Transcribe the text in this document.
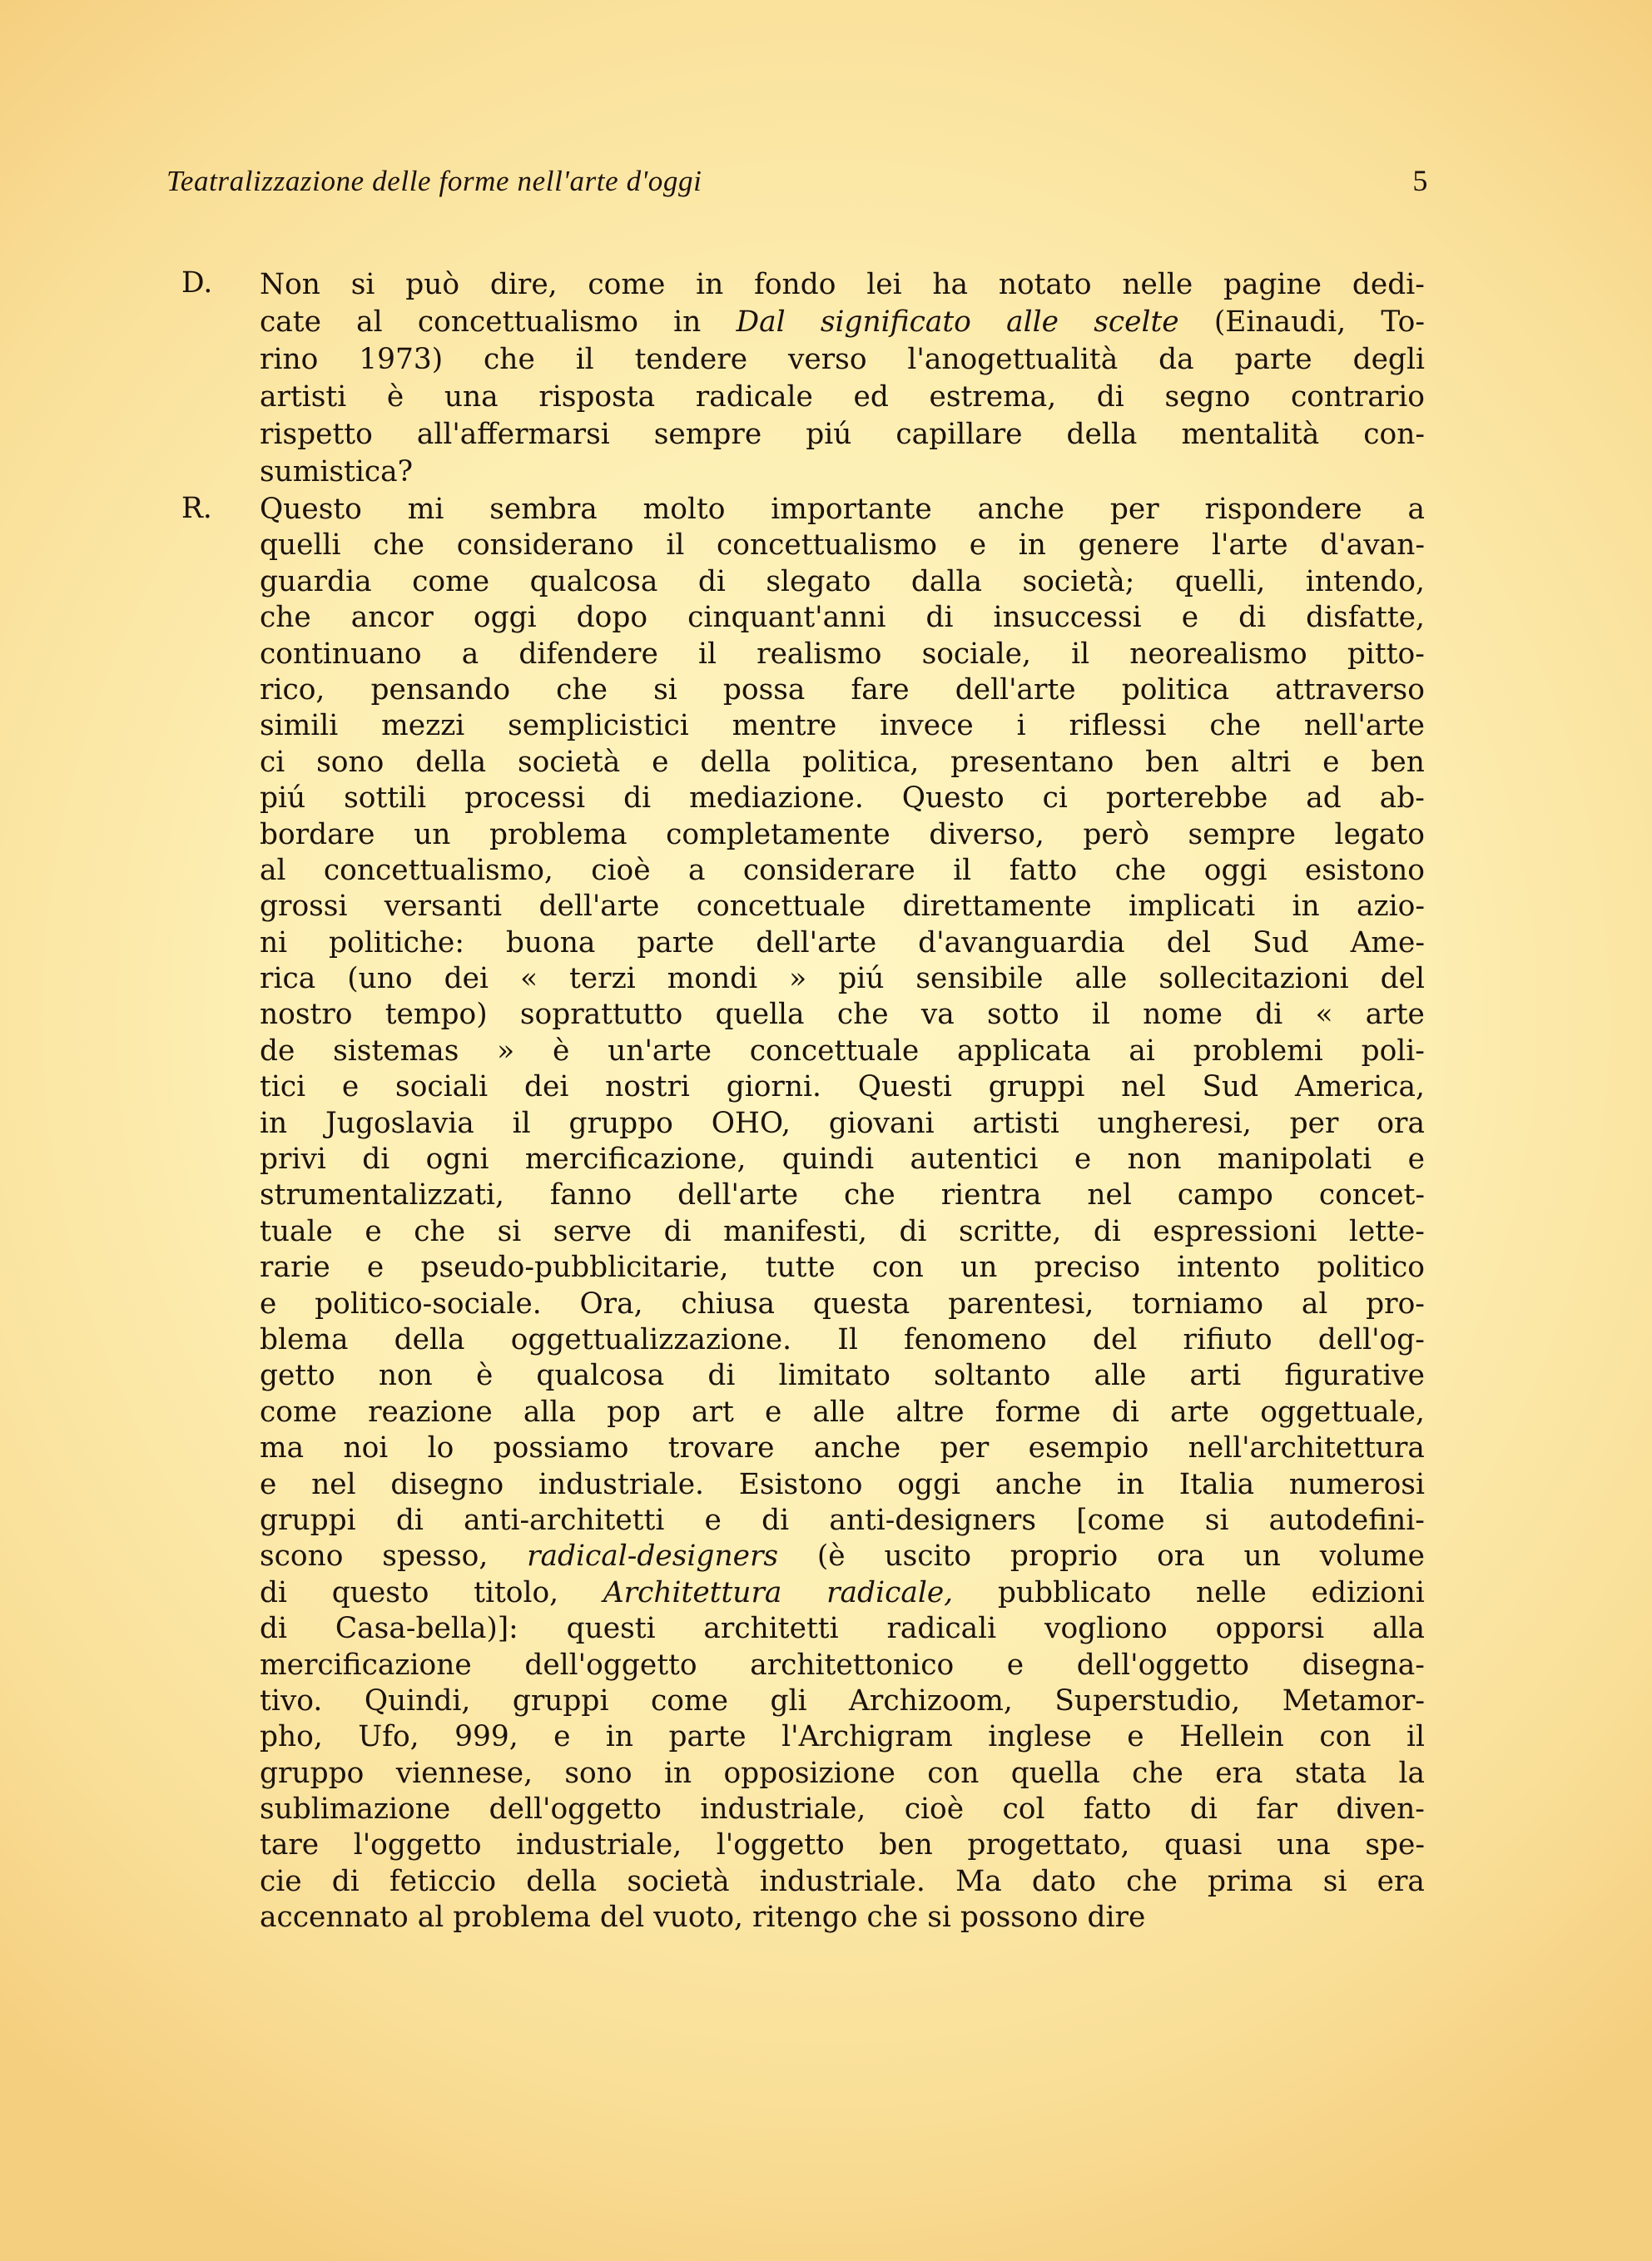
Teatralizzazione delle forme nell'arte d'oggi	5
D. Non si può dire, come in fondo lei ha notato nelle pagine dedi-
cate al concettualismo in Dal significato alle scelte (Einaudi, To-
rino 1973) che il tendere verso l'anogettualità da parte degli
artisti è una risposta radicale ed estrema, di segno contrario
rispetto all'affermarsi sempre piú capillare della mentalità con-
sumistica?
R. Questo mi sembra molto importante anche per rispondere a
quelli che considerano il concettualismo e in genere l'arte d'avan-
guardia come qualcosa di slegato dalla società; quelli, intendo,
che ancor oggi dopo cinquant'anni di insuccessi e di disfatte,
continuano a difendere il realismo sociale, il neorealismo pitto-
rico, pensando che si possa fare dell'arte politica attraverso
simili mezzi semplicistici mentre invece i riflessi che nell'arte
ci sono della società e della politica, presentano ben altri e ben
piú sottili processi di mediazione. Questo ci porterebbe ad ab-
bordare un problema completamente diverso, però sempre legato
al concettualismo, cioè a considerare il fatto che oggi esistono
grossi versanti dell'arte concettuale direttamente implicati in azio-
ni politiche: buona parte dell'arte d'avanguardia del Sud Ame-
rica (uno dei « terzi mondi » piú sensibile alle sollecitazioni del
nostro tempo) soprattutto quella che va sotto il nome di « arte
de sistemas » è un'arte concettuale applicata ai problemi poli-
tici e sociali dei nostri giorni. Questi gruppi nel Sud America,
in Jugoslavia il gruppo OHO, giovani artisti ungheresi, per ora
privi di ogni mercificazione, quindi autentici e non manipolati e
strumentalizzati, fanno dell'arte che rientra nel campo concet-
tuale e che si serve di manifesti, di scritte, di espressioni lette-
rarie e pseudo-pubblicitarie, tutte con un preciso intento politico
e politico-sociale. Ora, chiusa questa parentesi, torniamo al pro-
blema della oggettualizzazione. Il fenomeno del rifiuto dell'og-
getto non è qualcosa di limitato soltanto alle arti figurative
come reazione alla pop art e alle altre forme di arte oggettuale,
ma noi lo possiamo trovare anche per esempio nell'architettura
e nel disegno industriale. Esistono oggi anche in Italia numerosi
gruppi di anti-architetti e di anti-designers [come si autodefini-
scono spesso, radical-designers (è uscito proprio ora un volume
di questo titolo, Architettura radicale, pubblicato nelle edizioni
di Casa-bella)]: questi architetti radicali vogliono opporsi alla
mercificazione dell'oggetto architettonico e dell'oggetto disegna-
tivo. Quindi, gruppi come gli Archizoom, Superstudio, Metamor-
pho, Ufo, 999, e in parte l'Archigram inglese e Hellein con il
gruppo viennese, sono in opposizione con quella che era stata la
sublimazione dell'oggetto industriale, cioè col fatto di far diven-
tare l'oggetto industriale, l'oggetto ben progettato, quasi una spe-
cie di feticcio della società industriale. Ma dato che prima si era
accennato al problema del vuoto, ritengo che si possono dire
